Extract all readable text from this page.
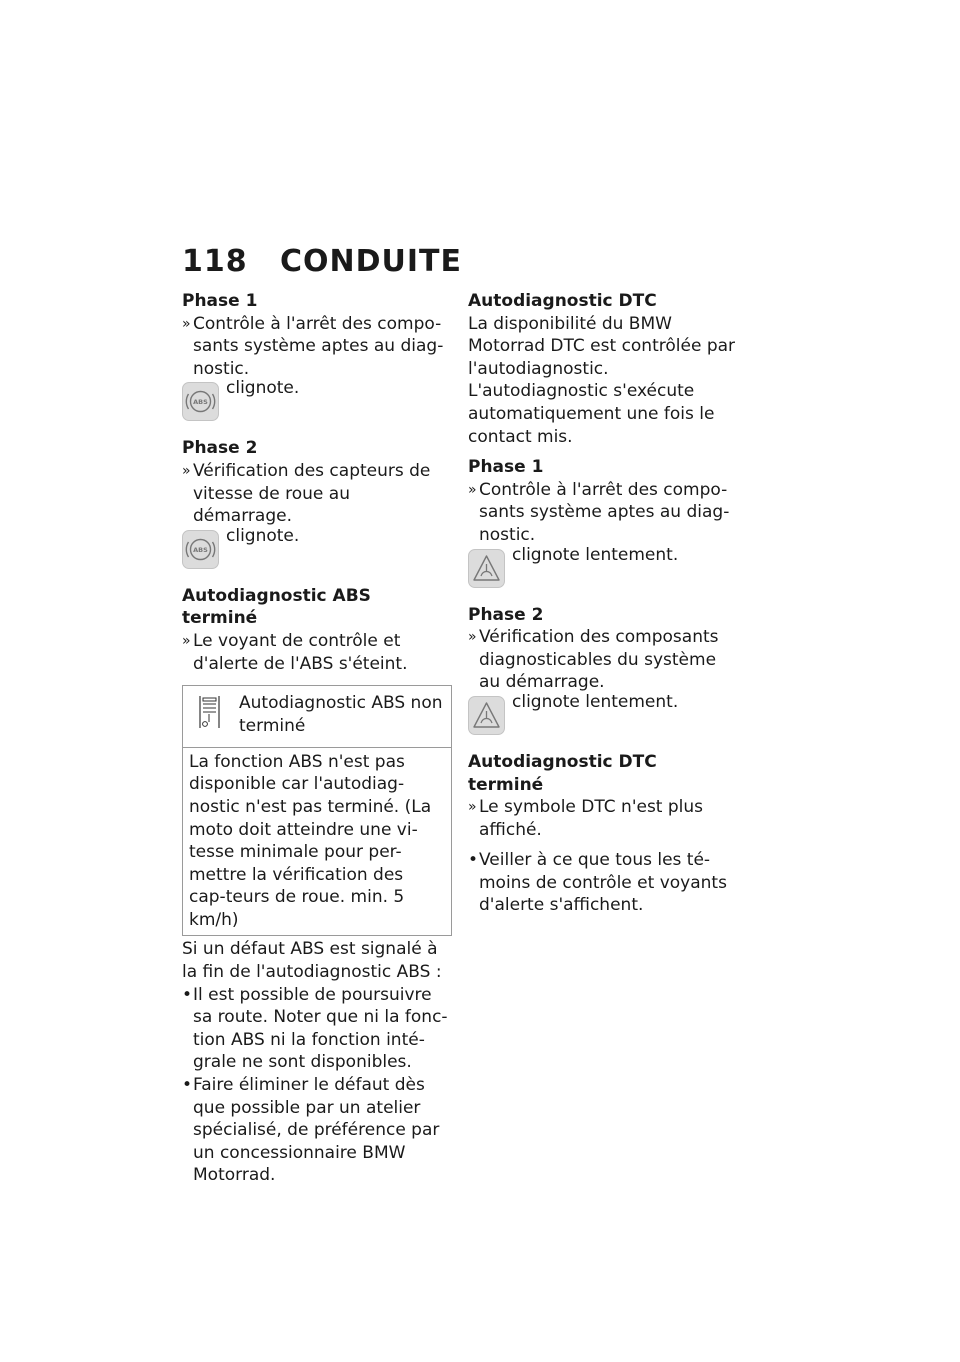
118 CONDUITE
Phase 1
» Contrôle à l'arrêt des compo-sants système aptes au diag-nostic.
ABS
clignote.
Phase 2
» Vérification des capteurs de vitesse de roue au démarrage.
ABS
clignote.
Autodiagnostic ABS terminé
» Le voyant de contrôle et d'alerte de l'ABS s'éteint.
Autodiagnostic ABS non terminé
La fonction ABS n'est pas disponible car l'autodiag-nostic n'est pas terminé. (La moto doit atteindre une vi-tesse minimale pour per-mettre la vérification des cap-teurs de roue. min. 5 km/h)
Si un défaut ABS est signalé à la fin de l'autodiagnostic ABS :
• Il est possible de poursuivre sa route. Noter que ni la fonc-tion ABS ni la fonction inté-grale ne sont disponibles.
• Faire éliminer le défaut dès que possible par un atelier spécialisé, de préférence par un concessionnaire BMW Motorrad.
Autodiagnostic DTC
La disponibilité du BMW Motorrad DTC est contrôlée par l'autodiagnostic. L'autodiagnostic s'exécute automatiquement une fois le contact mis.
Phase 1
» Contrôle à l'arrêt des compo-sants système aptes au diag-nostic.
clignote lentement.
Phase 2
» Vérification des composants diagnosticables du système au démarrage.
clignote lentement.
Autodiagnostic DTC terminé
» Le symbole DTC n'est plus affiché.
• Veiller à ce que tous les té-moins de contrôle et voyants d'alerte s'affichent.
